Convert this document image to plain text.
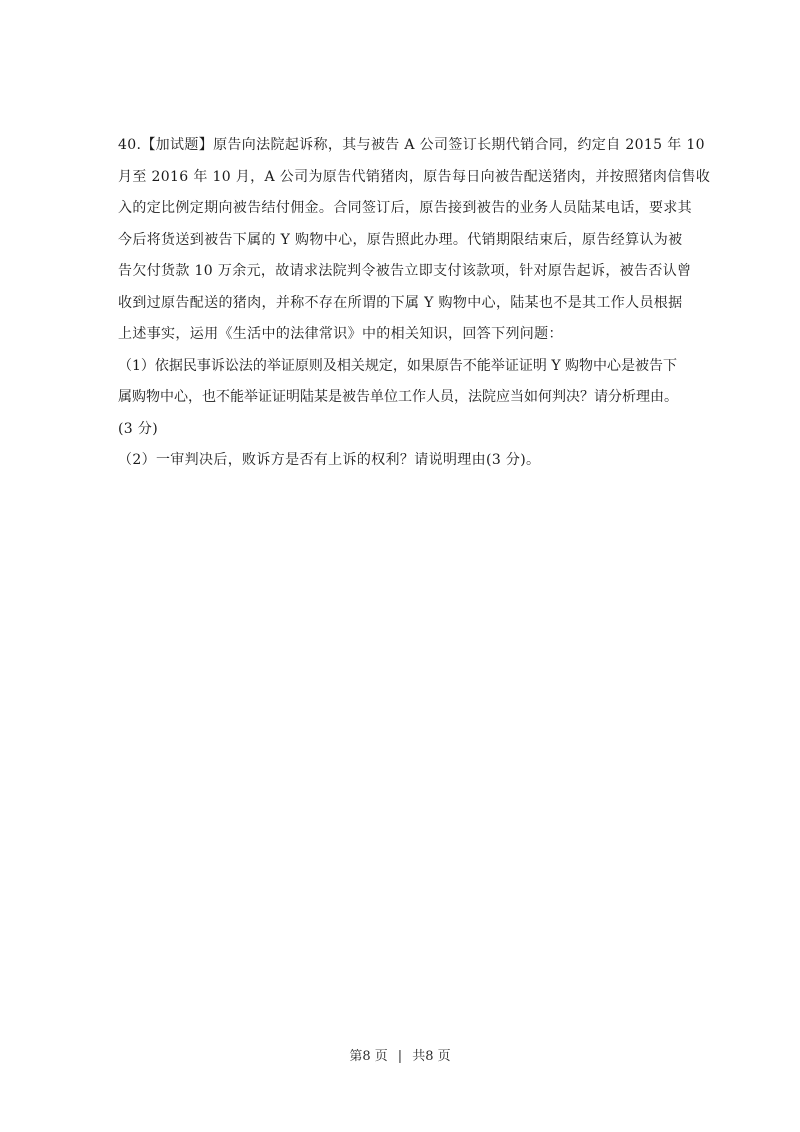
40.【加试题】原告向法院起诉称，其与被告 A 公司签订长期代销合同，约定自 2015 年 10
月至 2016 年 10 月，A 公司为原告代销猪肉，原告每日向被告配送猪肉，并按照猪肉信售收
入的定比例定期向被告结付佣金。合同签订后，原告接到被告的业务人员陆某电话，要求其
今后将货送到被告下属的 Y 购物中心，原告照此办理。代销期限结束后，原告经算认为被
告欠付货款 10 万余元，故请求法院判令被告立即支付该款项，针对原告起诉，被告否认曾
收到过原告配送的猪肉，并称不存在所谓的下属 Y 购物中心，陆某也不是其工作人员根据
上述事实，运用《生活中的法律常识》中的相关知识，回答下列问题：
（1）依据民事诉讼法的举证原则及相关规定，如果原告不能举证证明 Y 购物中心是被告下
属购物中心，也不能举证证明陆某是被告单位工作人员，法院应当如何判决？请分析理由。
(3 分)
（2）一审判决后，败诉方是否有上诉的权利？请说明理由(3 分)。
第8 页 | 共8 页
